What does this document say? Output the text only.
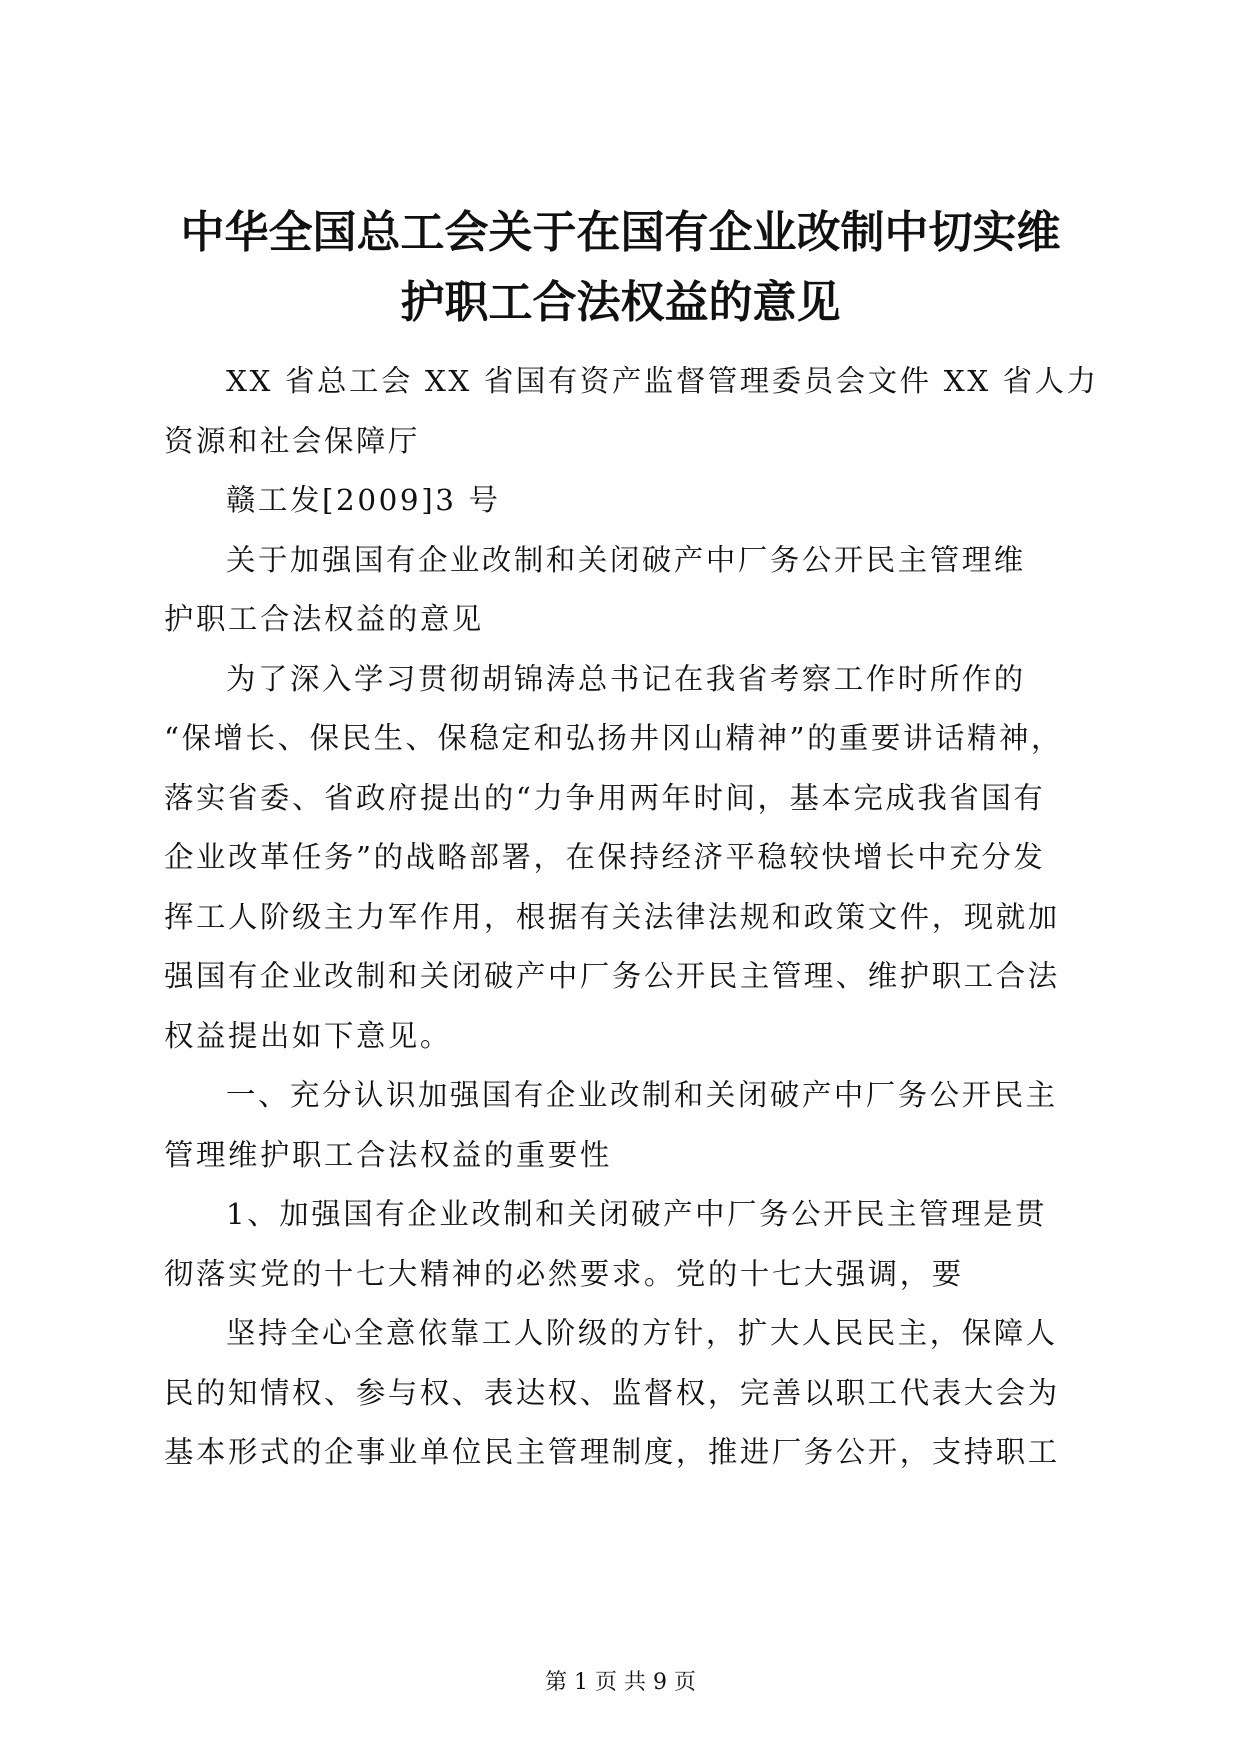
中华全国总工会关于在国有企业改制中切实维
护职工合法权益的意见
XX 省总工会 XX 省国有资产监督管理委员会文件 XX 省人力
资源和社会保障厅
赣工发[2009]3 号
关于加强国有企业改制和关闭破产中厂务公开民主管理维
护职工合法权益的意见
为了深入学习贯彻胡锦涛总书记在我省考察工作时所作的
“保增长、保民生、保稳定和弘扬井冈山精神”的重要讲话精神，
落实省委、省政府提出的“力争用两年时间，基本完成我省国有
企业改革任务”的战略部署，在保持经济平稳较快增长中充分发
挥工人阶级主力军作用，根据有关法律法规和政策文件，现就加
强国有企业改制和关闭破产中厂务公开民主管理、维护职工合法
权益提出如下意见。
一、充分认识加强国有企业改制和关闭破产中厂务公开民主
管理维护职工合法权益的重要性
1、加强国有企业改制和关闭破产中厂务公开民主管理是贯
彻落实党的十七大精神的必然要求。党的十七大强调，要
坚持全心全意依靠工人阶级的方针，扩大人民民主，保障人
民的知情权、参与权、表达权、监督权，完善以职工代表大会为
基本形式的企事业单位民主管理制度，推进厂务公开，支持职工
第 1 页 共 9 页
